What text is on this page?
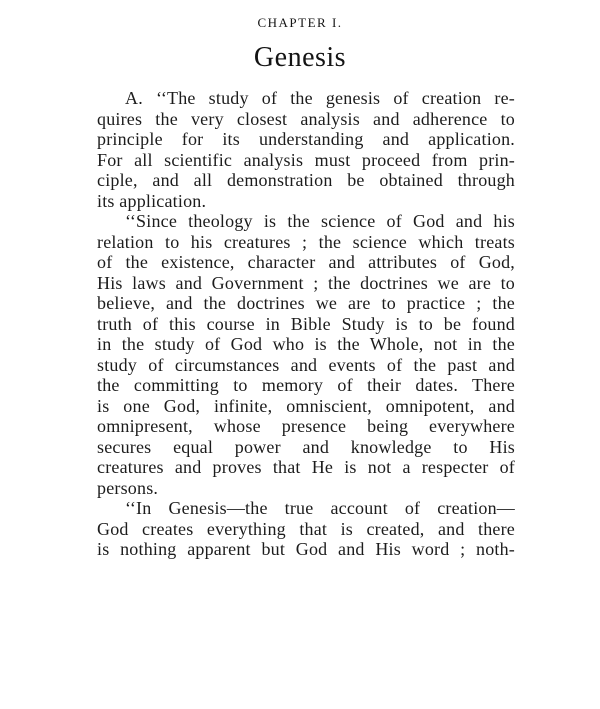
CHAPTER I.
Genesis
A. ‘‘The study of the genesis of creation re-
quires the very closest analysis and adherence to
principle for its understanding and application.
For all scientific analysis must proceed from prin-
ciple, and all demonstration be obtained through
its application.
‘‘Since theology is the science of God and his
relation to his creatures ; the science which treats
of the existence, character and attributes of God,
His laws and Government ; the doctrines we are to
believe, and the doctrines we are to practice ; the
truth of this course in Bible Study is to be found
in the study of God who is the Whole, not in the
study of circumstances and events of the past and
the committing to memory of their dates. There
is one God, infinite, omniscient, omnipotent, and
omnipresent, whose presence being everywhere
secures equal power and knowledge to His
creatures and proves that He is not a respecter of
persons.
‘‘In Genesis—the true account of creation—
God creates everything that is created, and there
is nothing apparent but God and His word ; noth-
